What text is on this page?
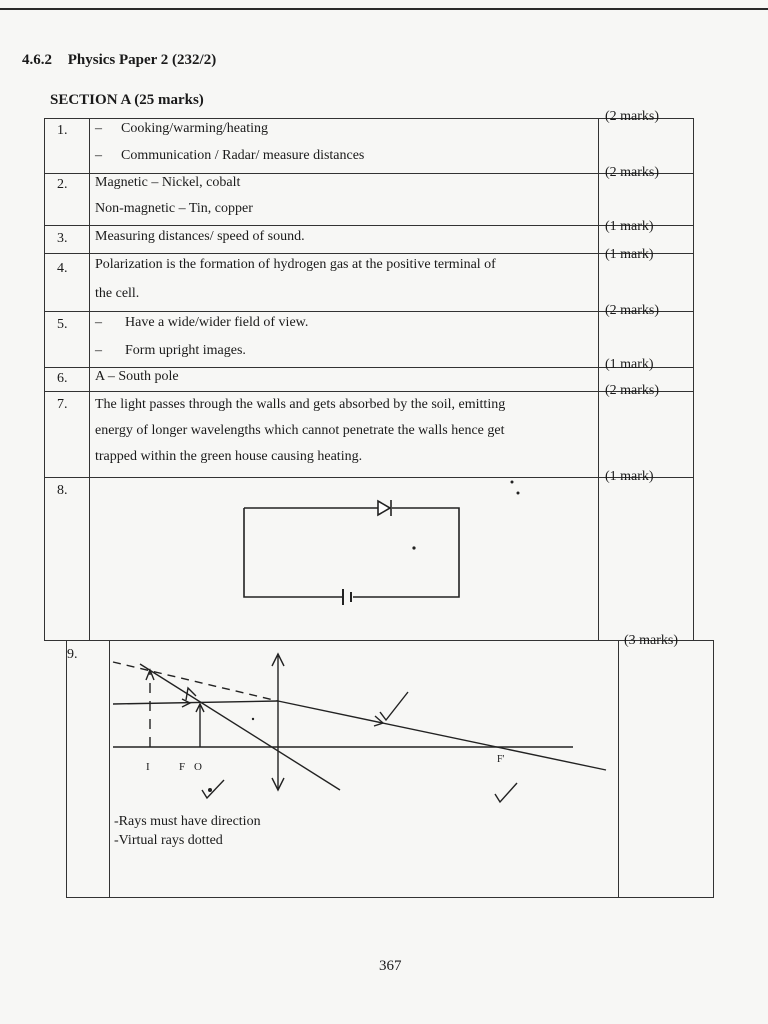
4.6.2 Physics Paper 2 (232/2)
SECTION A (25 marks)
1. – Cooking/warming/heating
– Communication / Radar/ measure distances
(2 marks)
2. Magnetic – Nickel, cobalt
Non-magnetic – Tin, copper
(2 marks)
3. Measuring distances/ speed of sound.
(1 mark)
4. Polarization is the formation of hydrogen gas at the positive terminal of
the cell.
(1 mark)
5. – Have a wide/wider field of view.
– Form upright images.
(2 marks)
6. A – South pole
(1 mark)
7. The light passes through the walls and gets absorbed by the soil, emitting
energy of longer wavelengths which cannot penetrate the walls hence get
trapped within the green house causing heating.
(2 marks)
8.
(1 mark)
9.
(3 marks)
I	F O
F'
-Rays must have direction
-Virtual rays dotted
367
